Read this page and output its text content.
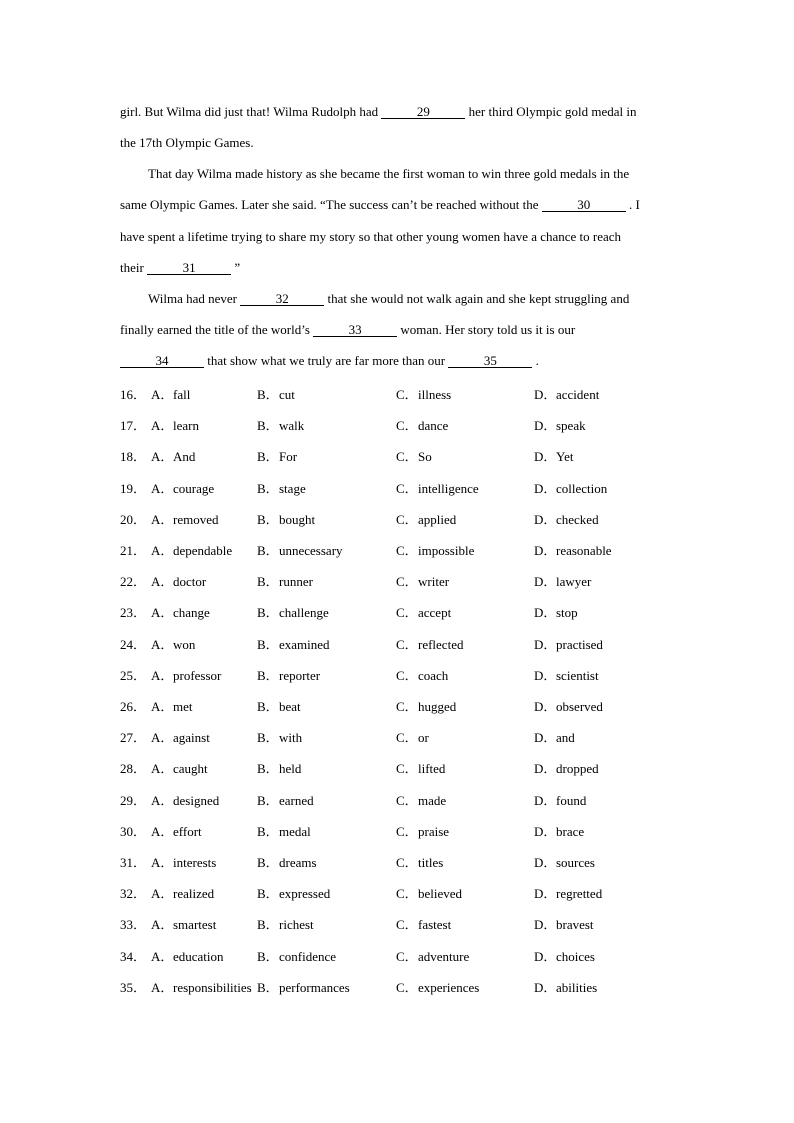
girl. But Wilma did just that! Wilma Rudolph had	29	her third Olympic gold medal in
the 17th Olympic Games.
That day Wilma made history as she became the first woman to win three gold medals in the
same Olympic Games. Later she said. “The success can’t be reached without the	30	. I
have spent a lifetime trying to share my story so that other young women have a chance to reach
their	31	”
Wilma had never	32	that she would not walk again and she kept struggling and
finally earned the title of the world’s	33	woman. Her story told us it is our
34	that show what we truly are far more than our	35	.
16． A．fall	B．cut	C．illness	D．accident
17． A．learn	B．walk	C．dance	D．speak
18． A．And	B．For	C．So	D．Yet
19． A．courage	B．stage	C．intelligence	D．collection
20． A．removed	B．bought	C．applied	D．checked
21． A．dependable B．unnecessary	C．impossible	D．reasonable
22． A．doctor	B．runner	C．writer	D．lawyer
23． A．change	B．challenge	C．accept	D．stop
24． A．won	B．examined	C．reflected	D．practised
25． A．professor	B．reporter	C．coach	D．scientist
26． A．met	B．beat	C．hugged	D．observed
27． A．against	B．with	C．or	D．and
28． A．caught	B．held	C．lifted	D．dropped
29． A．designed	B．earned	C．made	D．found
30． A．effort	B．medal	C．praise	D．brace
31． A．interests	B．dreams	C．titles	D．sources
32． A．realized	B．expressed	C．believed	D．regretted
33． A．smartest	B．richest	C．fastest	D．bravest
34． A．education	B．confidence	C．adventure	D．choices
35． A．responsibilities B．performances	C．experiences	D．abilities
